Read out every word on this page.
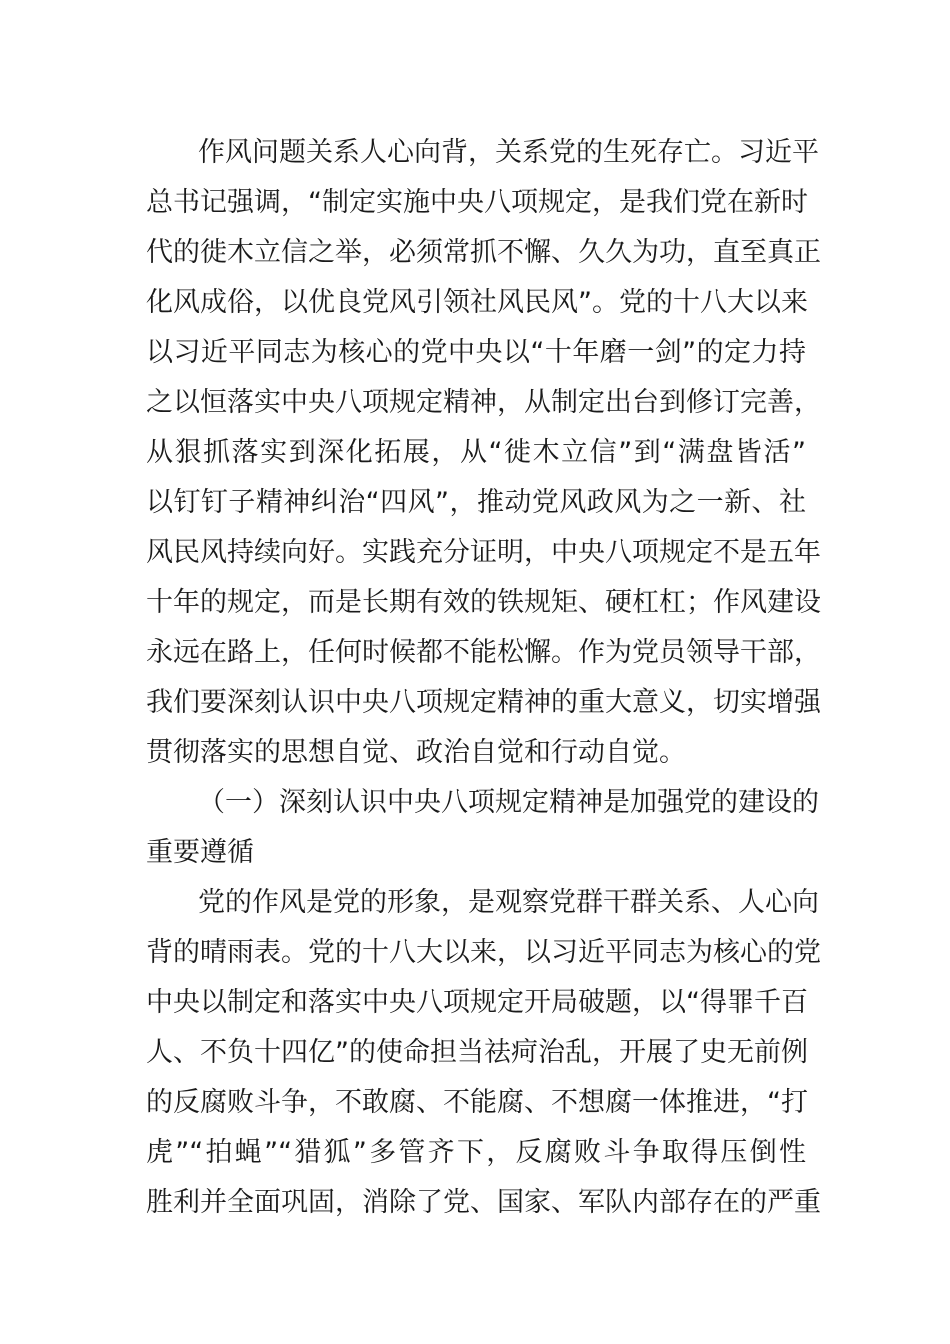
作风问题关系人心向背，关系党的生死存亡。习近平
总书记强调，“制定实施中央八项规定，是我们党在新时
代的徙木立信之举，必须常抓不懈、久久为功，直至真正
化风成俗，以优良党风引领社风民风”。党的十八大以来
以习近平同志为核心的党中央以“十年磨一剑”的定力持
之以恒落实中央八项规定精神，从制定出台到修订完善，
从狠抓落实到深化拓展，从“徙木立信”到“满盘皆活”
以钉钉子精神纠治“四风”，推动党风政风为之一新、社
风民风持续向好。实践充分证明，中央八项规定不是五年
十年的规定，而是长期有效的铁规矩、硬杠杠；作风建设
永远在路上，任何时候都不能松懈。作为党员领导干部，
我们要深刻认识中央八项规定精神的重大意义，切实增强
贯彻落实的思想自觉、政治自觉和行动自觉。
（一）深刻认识中央八项规定精神是加强党的建设的
重要遵循
党的作风是党的形象，是观察党群干群关系、人心向
背的晴雨表。党的十八大以来，以习近平同志为核心的党
中央以制定和落实中央八项规定开局破题，以“得罪千百
人、不负十四亿”的使命担当祛疴治乱，开展了史无前例
的反腐败斗争，不敢腐、不能腐、不想腐一体推进，“打
虎”“拍蝇”“猎狐”多管齐下，反腐败斗争取得压倒性
胜利并全面巩固，消除了党、国家、军队内部存在的严重
